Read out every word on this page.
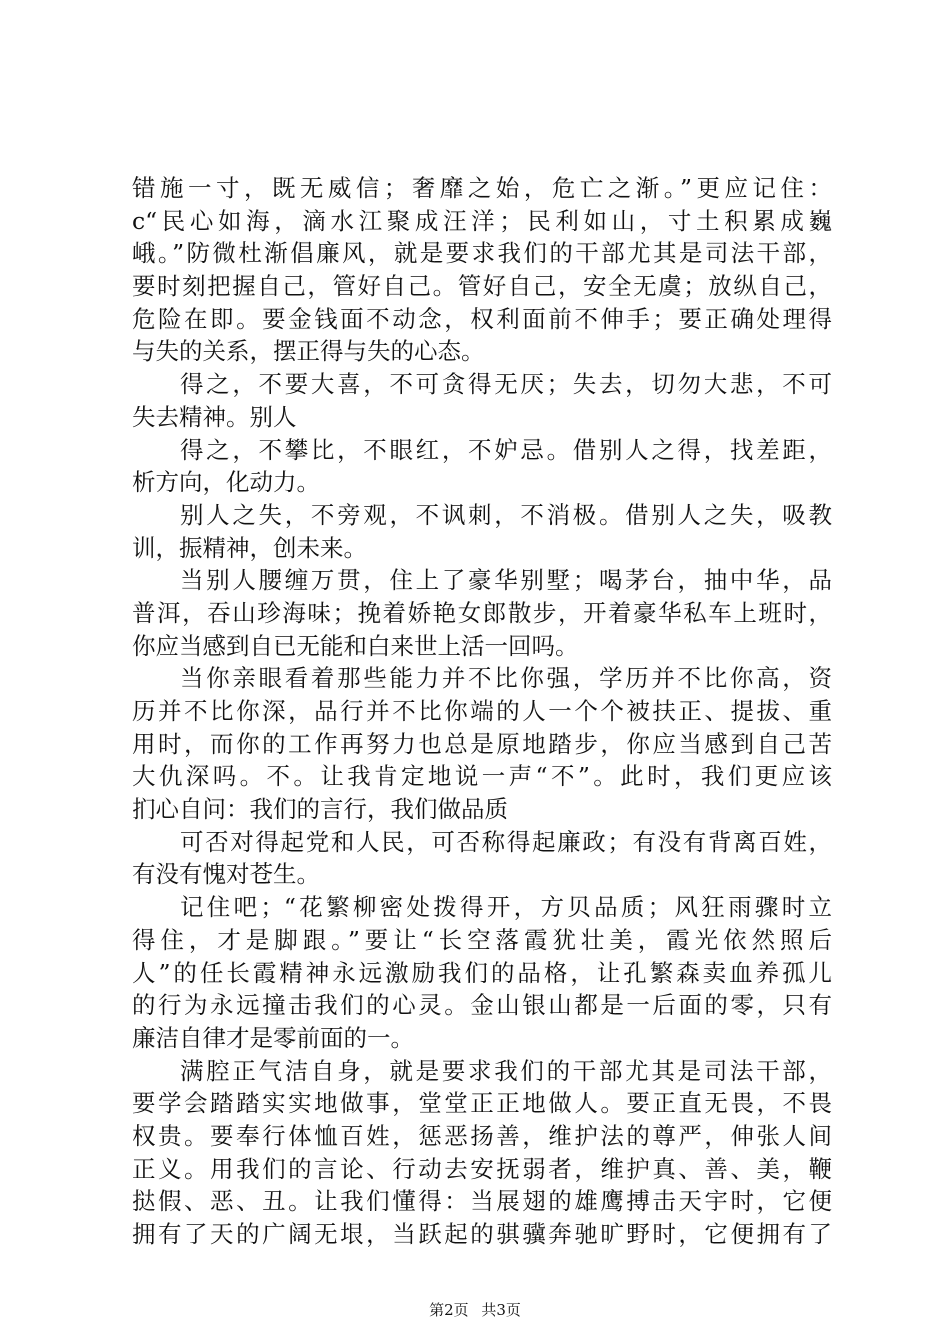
错施一寸，既无威信；奢靡之始，危亡之渐。”更应记住：
c“民心如海，滴水江聚成汪洋；民利如山，寸土积累成巍
峨。”防微杜渐倡廉风，就是要求我们的干部尤其是司法干部，
要时刻把握自己，管好自己。管好自己，安全无虞；放纵自己，
危险在即。要金钱面不动念，权利面前不伸手；要正确处理得
与失的关系，摆正得与失的心态。
得之，不要大喜，不可贪得无厌；失去，切勿大悲，不可
失去精神。别人
得之，不攀比，不眼红，不妒忌。借别人之得，找差距，
析方向，化动力。
别人之失，不旁观，不讽刺，不消极。借别人之失，吸教
训，振精神，创未来。
当别人腰缠万贯，住上了豪华别墅；喝茅台，抽中华，品
普洱，吞山珍海味；挽着娇艳女郎散步，开着豪华私车上班时，
你应当感到自已无能和白来世上活一回吗。
当你亲眼看着那些能力并不比你强，学历并不比你高，资
历并不比你深，品行并不比你端的人一个个被扶正、提拔、重
用时，而你的工作再努力也总是原地踏步，你应当感到自己苦
大仇深吗。不。让我肯定地说一声“不”。此时，我们更应该
扪心自问：我们的言行，我们做品质
可否对得起党和人民，可否称得起廉政；有没有背离百姓，
有没有愧对苍生。
记住吧；“花繁柳密处拨得开，方贝品质；风狂雨骤时立
得住，才是脚跟。”要让“长空落霞犹壮美，霞光依然照后
人”的任长霞精神永远激励我们的品格，让孔繁森卖血养孤儿
的行为永远撞击我们的心灵。金山银山都是一后面的零，只有
廉洁自律才是零前面的一。
满腔正气洁自身，就是要求我们的干部尤其是司法干部，
要学会踏踏实实地做事，堂堂正正地做人。要正直无畏，不畏
权贵。要奉行体恤百姓，惩恶扬善，维护法的尊严，伸张人间
正义。用我们的言论、行动去安抚弱者，维护真、善、美，鞭
挞假、恶、丑。让我们懂得：当展翅的雄鹰搏击天宇时，它便
拥有了天的广阔无垠，当跃起的骐骥奔驰旷野时，它便拥有了
第2页 共3页
